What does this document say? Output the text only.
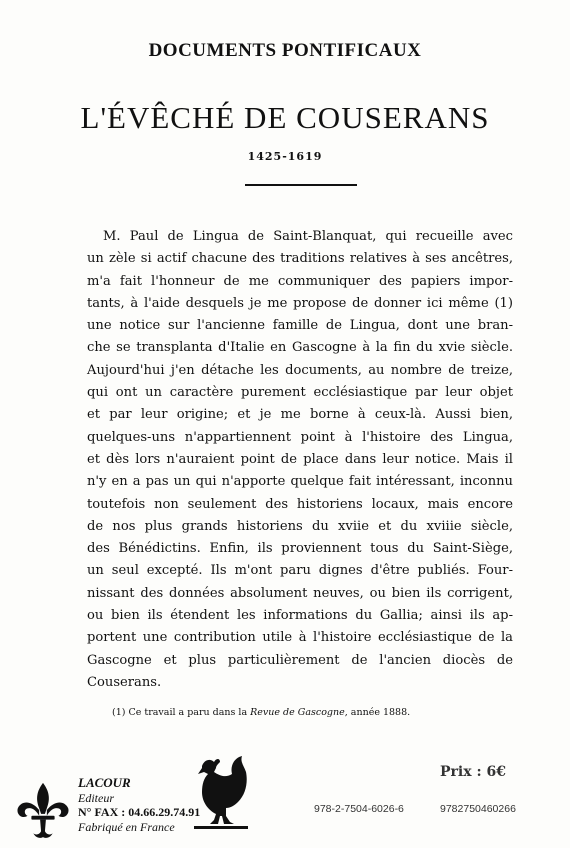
DOCUMENTS PONTIFICAUX
L'ÉVÊCHÉ DE COUSERANS
1425-1619
M. Paul de Lingua de Saint-Blanquat, qui recueille avec
un zèle si actif chacune des traditions relatives à ses ancêtres,
m'a fait l'honneur de me communiquer des papiers impor-
tants, à l'aide desquels je me propose de donner ici même (1)
une notice sur l'ancienne famille de Lingua, dont une bran-
che se transplanta d'Italie en Gascogne à la fin du xvie siècle.
Aujourd'hui j'en détache les documents, au nombre de treize,
qui ont un caractère purement ecclésiastique par leur objet
et par leur origine; et je me borne à ceux-là. Aussi bien,
quelques-uns n'appartiennent point à l'histoire des Lingua,
et dès lors n'auraient point de place dans leur notice. Mais il
n'y en a pas un qui n'apporte quelque fait intéressant, inconnu
toutefois non seulement des historiens locaux, mais encore
de nos plus grands historiens du xviie et du xviiie siècle,
des Bénédictins. Enfin, ils proviennent tous du Saint-Siège,
un seul excepté. Ils m'ont paru dignes d'être publiés. Four-
nissant des données absolument neuves, ou bien ils corrigent,
ou bien ils étendent les informations du Gallia; ainsi ils ap-
portent une contribution utile à l'histoire ecclésiastique de la
Gascogne et plus particulièrement de l'ancien diocès de
Couserans.
(1) Ce travail a paru dans la Revue de Gascogne, année 1888.
LACOUR
Editeur
N° FAX : 04.66.29.74.91
Fabriqué en France
Prix : 6€
978-2-7504-6026-6	9782750460266
